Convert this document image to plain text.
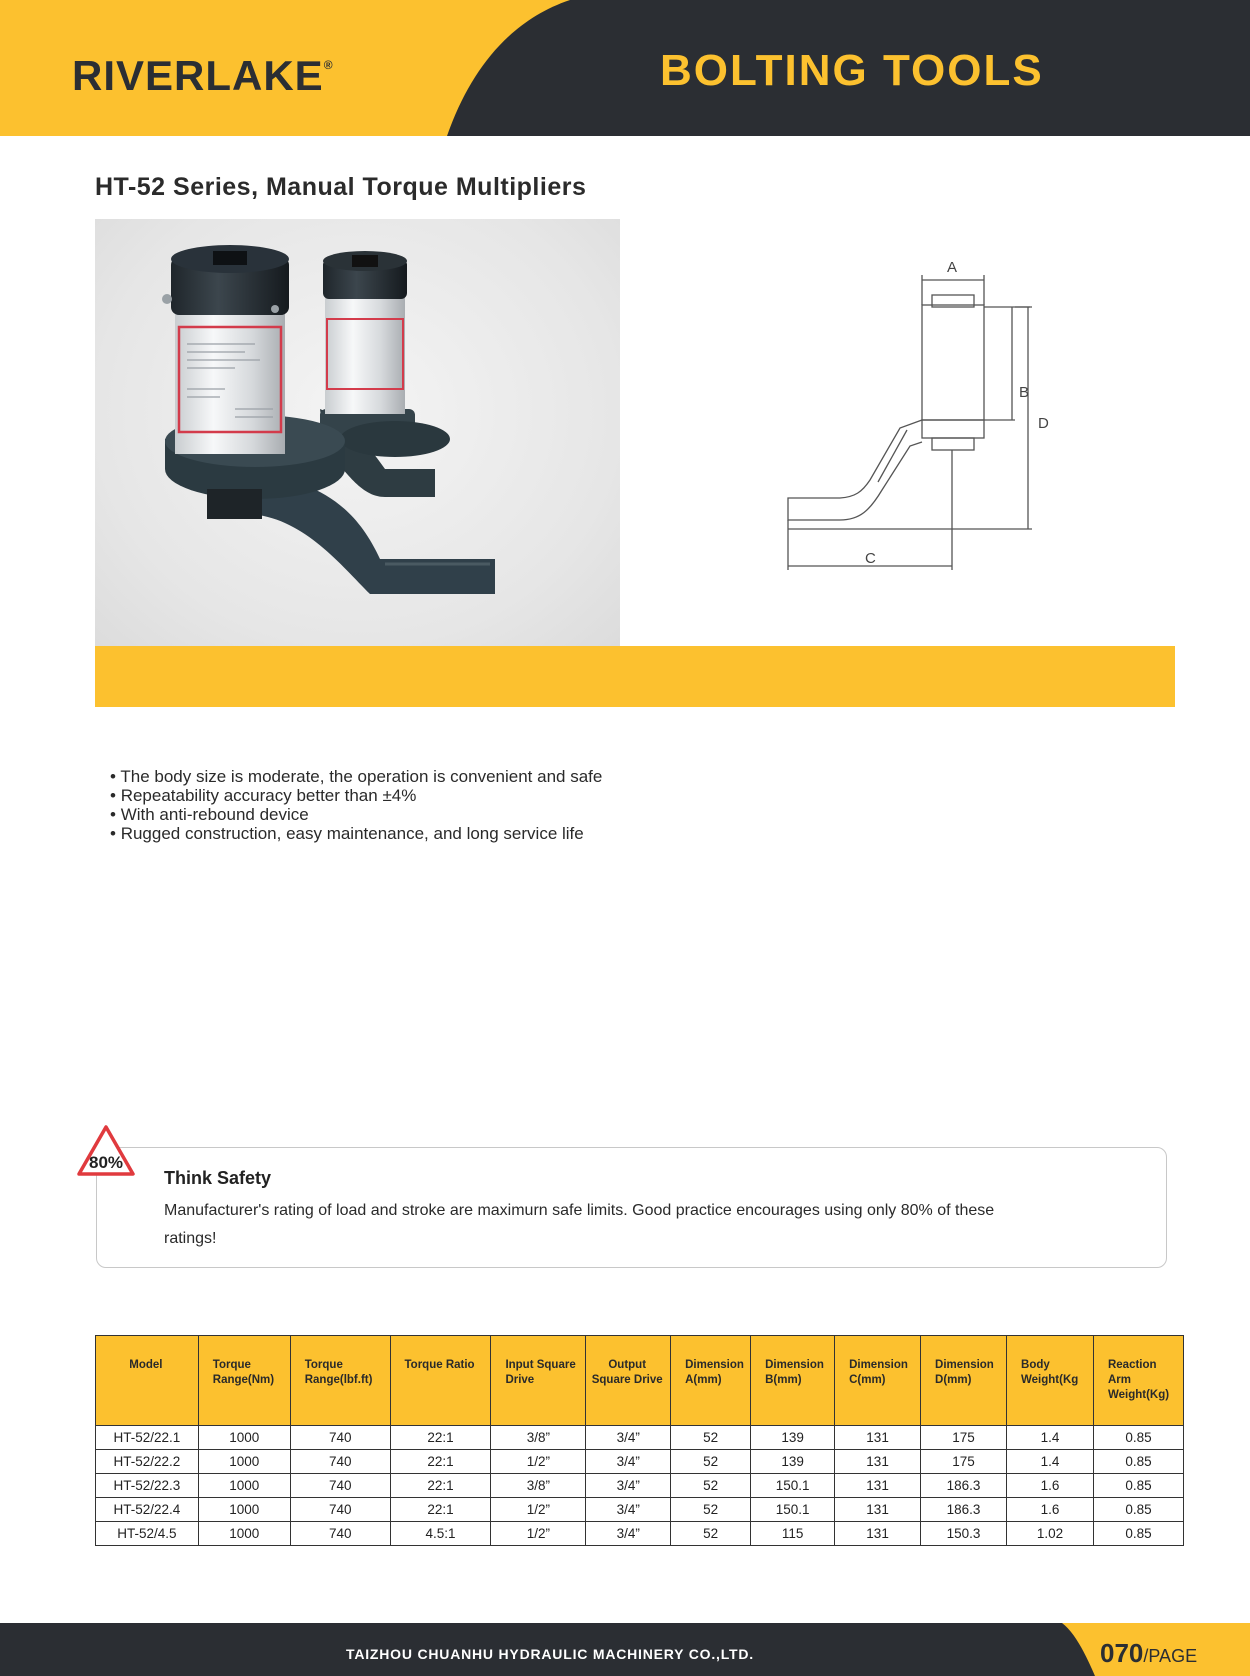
RIVERLAKE®	BOLTING TOOLS
HT-52 Series, Manual Torque Multipliers
A
B
D
C
• The body size is moderate, the operation is convenient and safe
• Repeatability accuracy better than ±4%
• With anti-rebound device
• Rugged construction, easy maintenance, and long service life
80%
Think Safety
Manufacturer's rating of load and stroke are maximurn safe limits. Good practice encourages using only 80% of these ratings!
Model	Torque Range(Nm)	Torque Range(lbf.ft)	Torque Ratio	Input Square Drive	Output Square Drive	Dimension A(mm)	Dimension B(mm)	Dimension C(mm)	Dimension D(mm)	Body Weight(Kg	Reaction Arm Weight(Kg)
HT-52/22.1	1000	740	22:1	3/8”	3/4”	52	139	131	175	1.4	0.85
HT-52/22.2	1000	740	22:1	1/2”	3/4”	52	139	131	175	1.4	0.85
HT-52/22.3	1000	740	22:1	3/8”	3/4”	52	150.1	131	186.3	1.6	0.85
HT-52/22.4	1000	740	22:1	1/2”	3/4”	52	150.1	131	186.3	1.6	0.85
HT-52/4.5	1000	740	4.5:1	1/2”	3/4”	52	115	131	150.3	1.02	0.85
TAIZHOU CHUANHU HYDRAULIC MACHINERY CO.,LTD.	070/PAGE
